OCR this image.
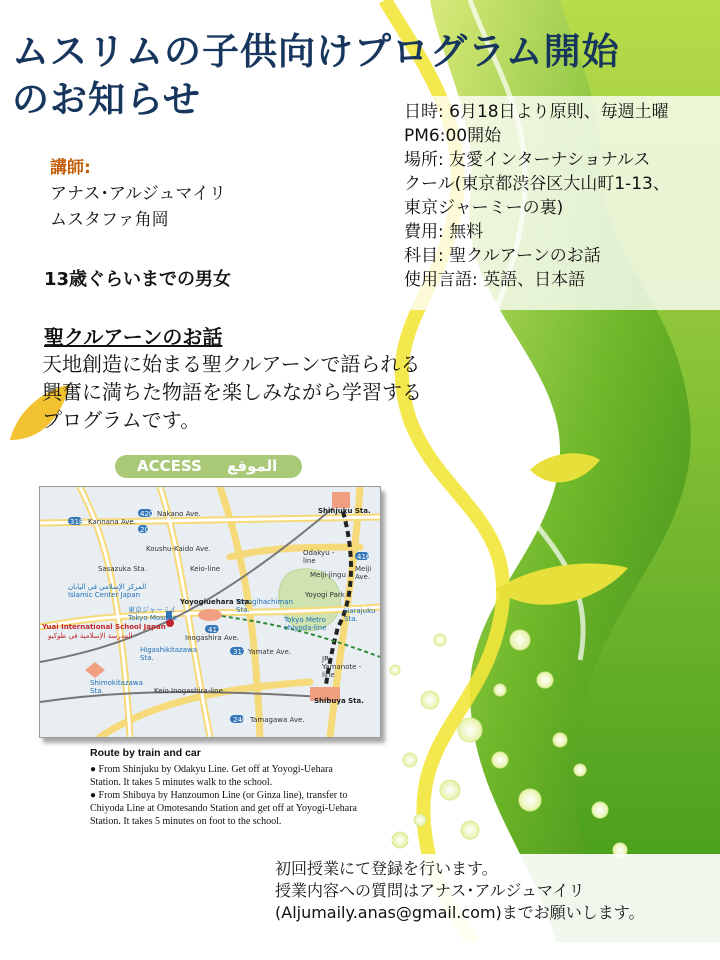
ムスリムの子供向けプログラム開始
のお知らせ	日時: 6月18日より原則、毎週土曜

PM6:00開始

場所: 友愛インターナショナルス

クール(東京都渋谷区大山町1-13、

東京ジャーミーの裏)

費用: 無料

科目: 聖クルアーンのお話

使用言語: 英語、日本語

講師:
アナス･アルジュマイリ
ムスタファ角岡
13歳ぐらいまでの男女
聖クルアーンのお話
天地創造に始まる聖クルアーンで語られる
興奮に満ちた物語を楽しみながら学習する
プログラムです。
ACCESS الموقع
318 Kannana Ave.
420 Nakano Ave.
20
Koushu-Kaido Ave.
Sasazuka Sta.	Keio-line
Odakyu -line
Meiji-jingu
416
Meiji Ave.
Yoyogi Park
Yoyogihachiman Sta.
Tokyo Metro chiyoda-line
Harajuku Sta.
المركز الإسلامي في اليابان
Islamic Center Japan
Yoyogiuehara Sta.
東京ジャーミイ
Tokyo Mosque
Yuai International School Japan
المدرسة الإسلامية في طوكيو	Inogashira Ave.
413
Higashikitazawa Sta.
317 Yamate Ave.
JR Yamanote -line
Shimokitazawa Sta.	Keio Inogashira-line
Shibuya Sta.
246 Tamagawa Ave.
Shinjuku Sta.
Route by train and car
● From Shinjuku by Odakyu Line. Get off at Yoyogi-Uehara Station. It takes 5 minutes walk to the school.
● From Shibuya by Hanzoumon Line (or Ginza line), transfer to Chiyoda Line at Omotesando Station and get off at Yoyogi-Uehara Station. It takes 5 minutes on foot to the school.
初回授業にて登録を行います。
授業内容への質問はアナス･アルジュマイリ
(Aljumaily.anas@gmail.com)までお願いします。
